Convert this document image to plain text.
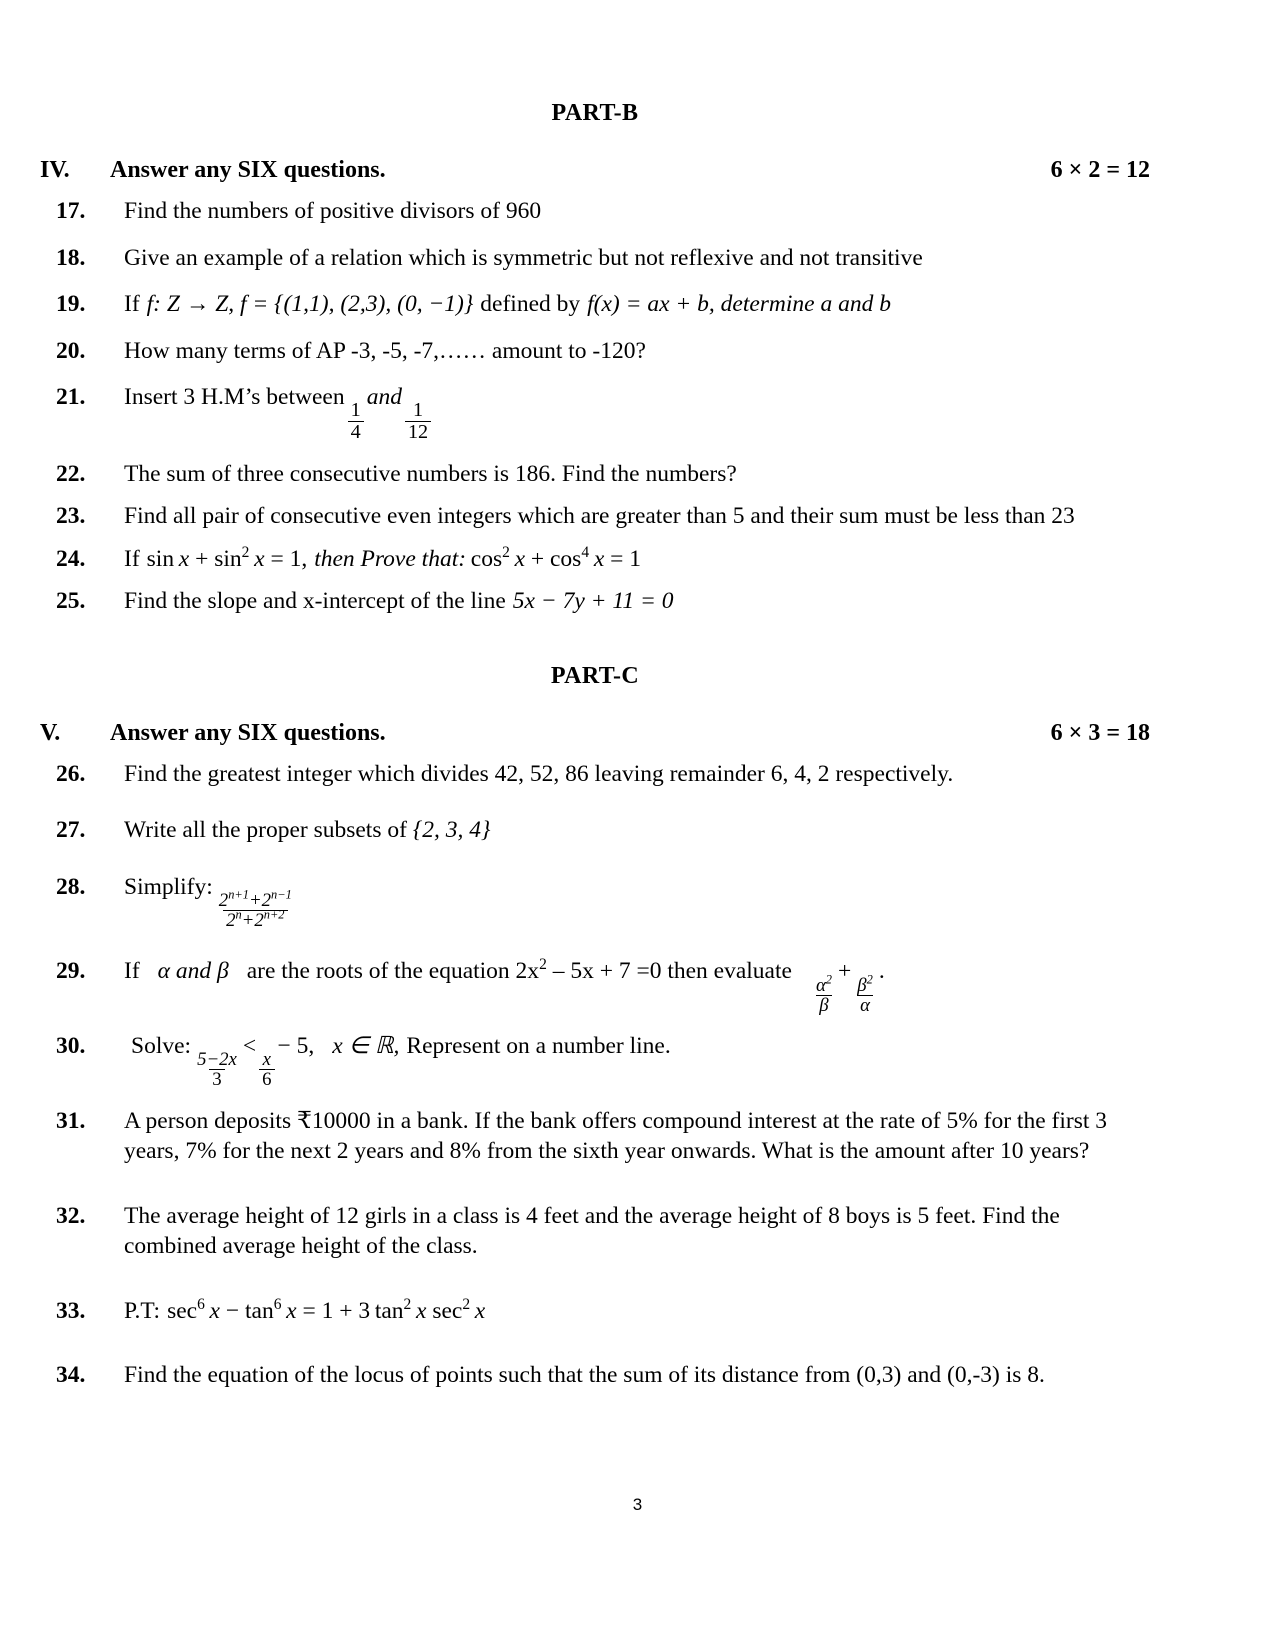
PART-B
IV.	Answer any SIX questions.	6 × 2 = 12
17.	Find the numbers of positive divisors of 960
18.	Give an example of a relation which is symmetric but not reflexive and not transitive
19.	If f: Z → Z, f = {(1,1), (2,3), (0, −1)} defined by f(x) = ax + b, determine a and b
20.	How many terms of AP -3, -5, -7,…… amount to -120?
21.	Insert 3 H.M’s between
$\frac{1}{4}$
and
$\frac{1}{12}$
22.	The sum of three consecutive numbers is 186. Find the numbers?
23.	Find all pair of consecutive even integers which are greater than 5 and their sum must be less than 23
24.	If $\sin x + \sin^2 x = 1$, then Prove that: $\cos^2 x + \cos^4 x = 1$
25.	Find the slope and x-intercept of the line 5x − 7y + 11 = 0
PART-C
V.	Answer any SIX questions.	6 × 3 = 18
26.	Find the greatest integer which divides 42, 52, 86 leaving remainder 6, 4, 2 respectively.
27.	Write all the proper subsets of {2, 3, 4}
28.	Simplify:
$\frac{2^{n+1}+2^{n-1}}{2^n+2^{n+2}}$
29.	If α and β are the roots of the equation $2x^2 - 5x + 7 =0$ then evaluate
$\frac{\alpha^2}{\beta}$
+
$\frac{\beta^2}{\alpha}$
.
30.	Solve:
$\frac{5-2x}{3}$
<
$\frac{x}{6}$
− 5, x ∈ ℝ, Represent on a number line.
31.	A person deposits ₹10000 in a bank. If the bank offers compound interest at the rate of 5% for the first 3 years, 7% for the next 2 years and 8% from the sixth year onwards. What is the amount after 10 years?
32.	The average height of 12 girls in a class is 4 feet and the average height of 8 boys is 5 feet. Find the combined average height of the class.
33.	P.T: $\sec^6 x - \tan^6 x = 1 + 3$ $\tan^2 x$ $\sec^2 x$
34.	Find the equation of the locus of points such that the sum of its distance from (0,3) and (0,-3) is 8.
3
